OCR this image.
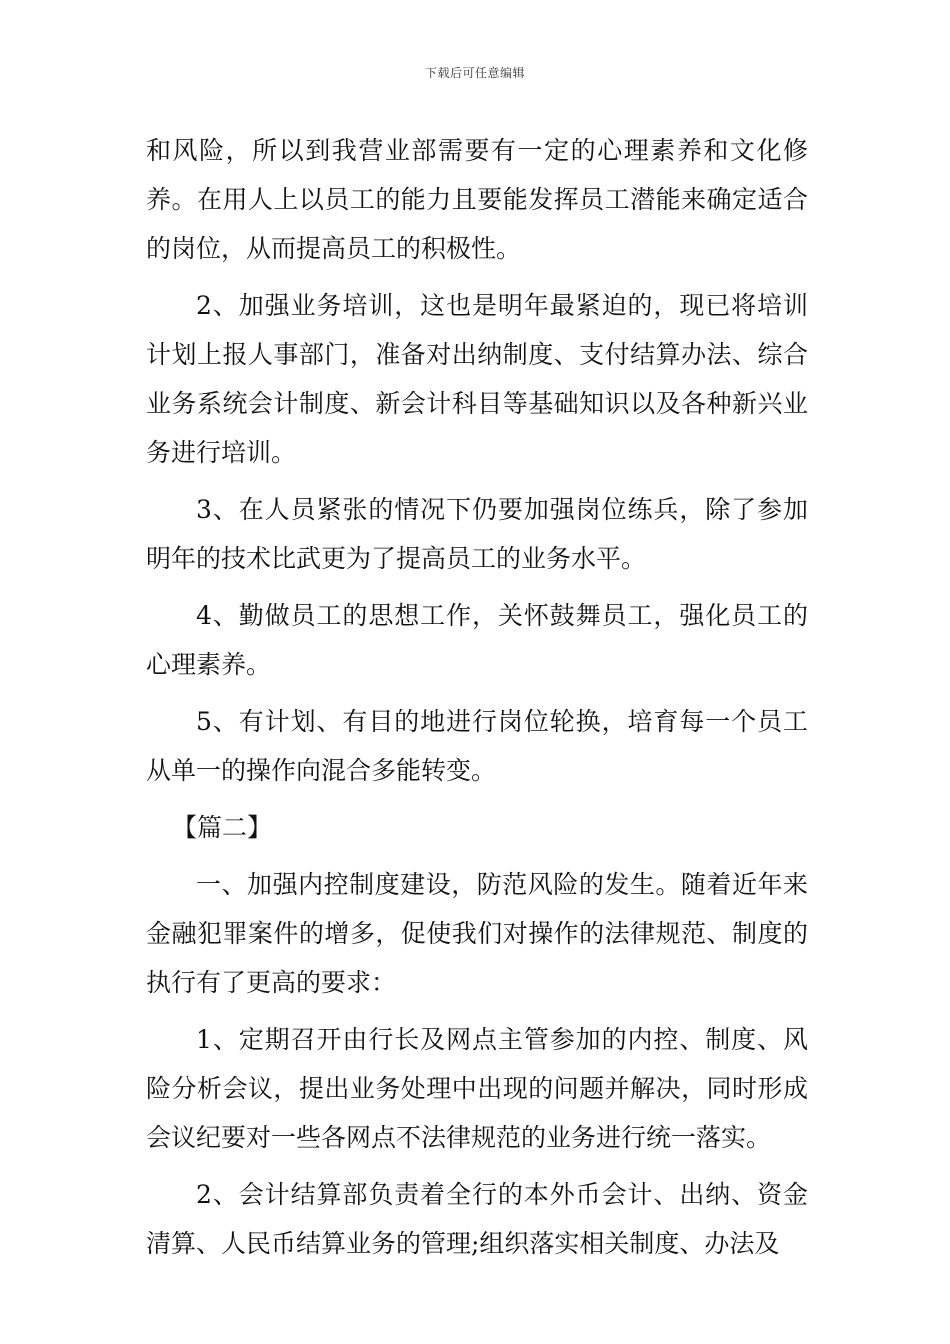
下载后可任意编辑

和风险，所以到我营业部需要有一定的心理素养和文化修养。在用人上以员工的能力且要能发挥员工潜能来确定适合的岗位，从而提高员工的积极性。

2、加强业务培训，这也是明年最紧迫的，现已将培训计划上报人事部门，准备对出纳制度、支付结算办法、综合业务系统会计制度、新会计科目等基础知识以及各种新兴业务进行培训。

3、在人员紧张的情况下仍要加强岗位练兵，除了参加明年的技术比武更为了提高员工的业务水平。

4、勤做员工的思想工作，关怀鼓舞员工，强化员工的心理素养。

5、有计划、有目的地进行岗位轮换，培育每一个员工从单一的操作向混合多能转变。

【篇二】

一、加强内控制度建设，防范风险的发生。随着近年来金融犯罪案件的增多，促使我们对操作的法律规范、制度的执行有了更高的要求：

1、定期召开由行长及网点主管参加的内控、制度、风险分析会议，提出业务处理中出现的问题并解决，同时形成会议纪要对一些各网点不法律规范的业务进行统一落实。

2、会计结算部负责着全行的本外币会计、出纳、资金清算、人民币结算业务的管理;组织落实相关制度、办法及
